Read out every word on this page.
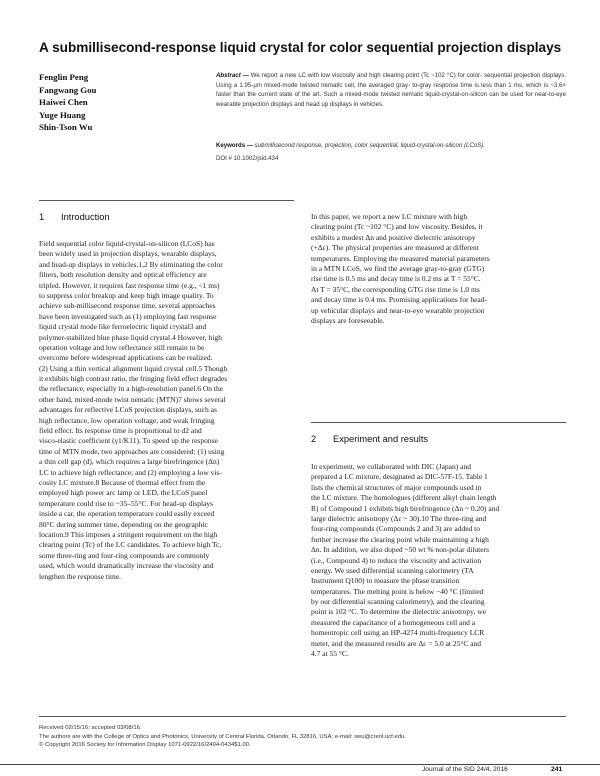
A submillisecond-response liquid crystal for color sequential projection displays
Fenglin Peng
Fangwang Gou
Haiwei Chen
Yuge Huang
Shin-Tson Wu
Abstract — We report a new LC with low viscosity and high clearing point (Tc ~102 °C) for color- sequential projection displays. Using a 1.95-μm mixed-mode twisted nematic cell, the averaged gray- to-gray response time is less than 1 ms, which is ~3.6× faster than the current state of the art. Such a mixed-mode twisted nematic liquid-crystal-on-silicon can be used for near-to-eye wearable projection displays and head up displays in vehicles.
Keywords — submillisecond response, projection, color sequential, liquid-crystal-on-silicon (LCoS).
DOI # 10.1002/jsid.434
1 Introduction
2 Experiment and results
Field sequential color liquid-crystal-on-silicon (LCoS) has
been widely used in projection displays, wearable displays,
and head-up displays in vehicles.1,2 By eliminating the color
filters, both resolution density and optical efficiency are
tripled. However, it requires fast response time (e.g., <1 ms)
to suppress color breakup and keep high image quality. To
achieve sub-millisecond response time, several approaches
have been investigated such as (1) employing fast response
liquid crystal mode like ferroelectric liquid crystal3 and
polymer-stabilized blue phase liquid crystal.4 However, high
operation voltage and low reflectance still remain to be
overcome before widespread applications can be realized.
(2) Using a thin vertical alignment liquid crystal cell.5 Though
it exhibits high contrast ratio, the fringing field effect degrades
the reflectance, especially in a high-resolution panel.6 On the
other hand, mixed-mode twist nematic (MTN)7 shows several
advantages for reflective LCoS projection displays, such as
high reflectance, low operation voltage, and weak fringing
field effect. Its response time is proportional to d2 and
visco-elastic coefficient (γ1/K11). To speed up the response
time of MTN mode, two approaches are considered: (1) using
a thin cell gap (d), which requires a large birefringence (Δn)
LC to achieve high reflectance; and (2) employing a low vis-
cosity LC mixture.8 Because of thermal effect from the
employed high power arc lamp or LED, the LCoS panel
temperature could rise to ~35–55°C. For head-up displays
inside a car, the operation temperature could easily exceed
80°C during summer time, depending on the geographic
location.9 This imposes a stringent requirement on the high
clearing point (Tc) of the LC candidates. To achieve high Tc,
some three-ring and four-ring compounds are commonly
used, which would dramatically increase the viscosity and
lengthen the response time.
In this paper, we report a new LC mixture with high
clearing point (Tc ~102 °C) and low viscosity. Besides, it
exhibits a modest Δn and positive dielectric anisotropy
(+Δε). The physical properties are measured at different
temperatures. Employing the measured material parameters
in a MTN LCoS, we find the average gray-to-gray (GTG)
rise time is 0.5 ms and decay time is 0.2 ms at T = 55°C.
At T = 35°C, the corresponding GTG rise time is 1.0 ms
and decay time is 0.4 ms. Promising applications for head-
up vehicular displays and near-to-eye wearable projection
displays are foreseeable.
In experiment, we collaborated with DIC (Japan) and
prepared a LC mixture, designated as DIC-57F-15. Table 1
lists the chemical structures of major compounds used in
the LC mixture. The homologues (different alkyl chain length
R) of Compound 1 exhibits high birefringence (Δn ~ 0.20) and
large dielectric anisotropy (Δε ~ 30).10 The three-ring and
four-ring compounds (Compounds 2 and 3) are added to
further increase the clearing point while maintaining a high
Δn. In addition, we also doped ~50 wt % non-polar diluters
(i.e., Compound 4) to reduce the viscosity and activation
energy. We used differential scanning calorimetry (TA
Instrument Q100) to measure the phase transition
temperatures. The melting point is below −40 °C (limited
by our differential scanning calorimetry), and the clearing
point is 102 °C. To determine the dielectric anisotropy, we
measured the capacitance of a homogeneous cell and a
homeotropic cell using an HP-4274 multi-frequency LCR
meter, and the measured results are Δε = 5.0 at 25°C and
4.7 at 55 °C.
Received 02/15/16; accepted 03/08/16.
The authors are with the College of Optics and Photonics, University of Central Florida, Orlando, FL 32816, USA; e-mail: swu@creol.ucf.edu.
© Copyright 2016 Society for Information Display 1071-0922/16/2404-0434$1.00.
Journal of the SID 24/4, 2016	241
